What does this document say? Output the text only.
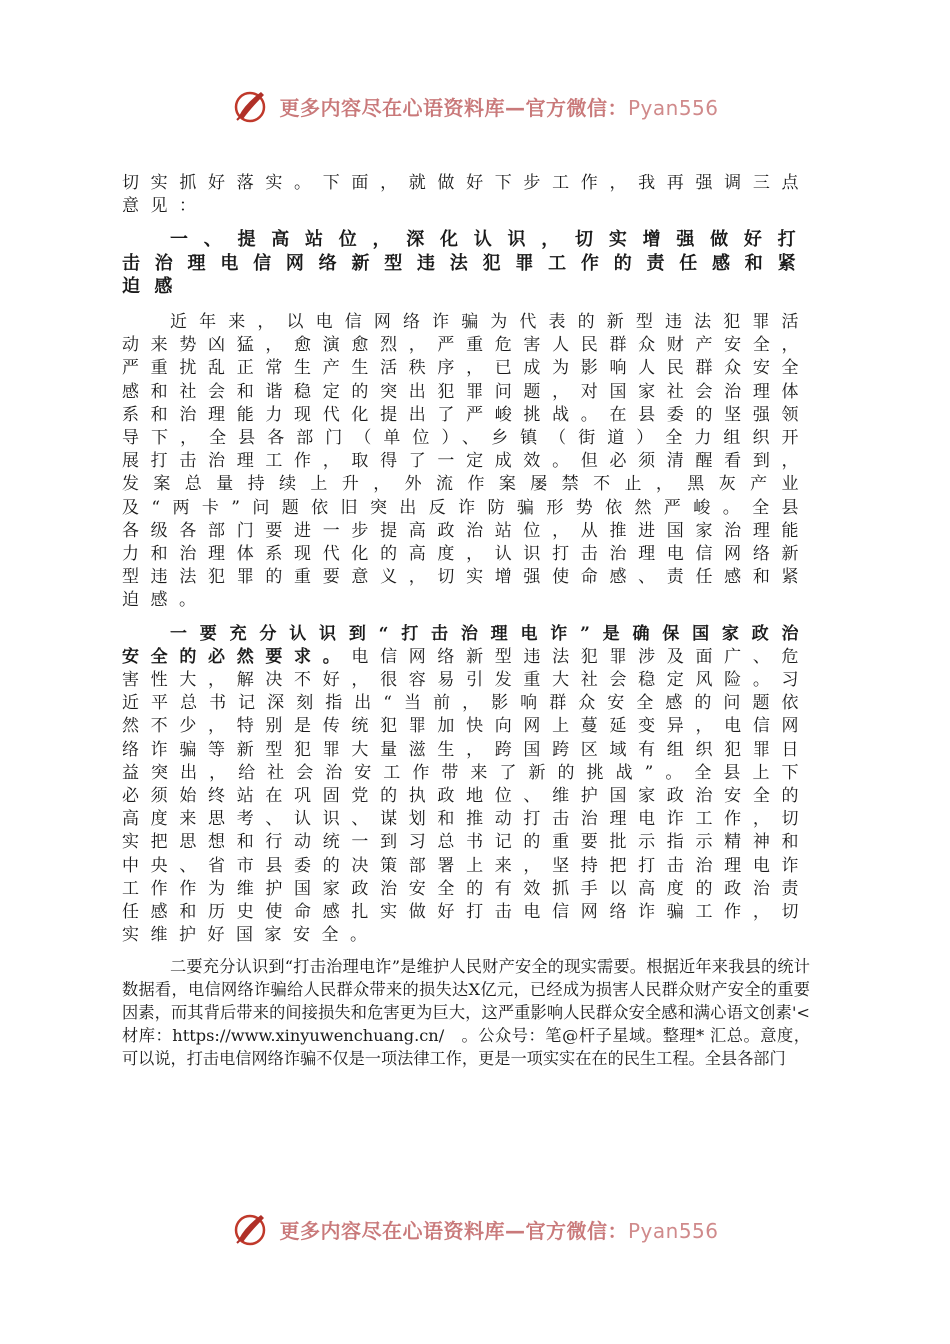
更多内容尽在心语资料库—官方微信：Pyan556

切实抓好落实。下面，就做好下步工作，我再强调三点意见：

一、提高站位，深化认识，切实增强做好打击治理电信网络新型违法犯罪工作的责任感和紧迫感

近年来，以电信网络诈骗为代表的新型违法犯罪活动来势凶猛，愈演愈烈，严重危害人民群众财产安全，严重扰乱正常生产生活秩序，已成为影响人民群众安全感和社会和谐稳定的突出犯罪问题，对国家社会治理体系和治理能力现代化提出了严峻挑战。在县委的坚强领导下，全县各部门（单位）、乡镇（街道）全力组织开展打击治理工作，取得了一定成效。但必须清醒看到，发案总量持续上升，外流作案屡禁不止，黑灰产业及“两卡”问题依旧突出反诈防骗形势依然严峻。全县各级各部门要进一步提高政治站位，从推进国家治理能力和治理体系现代化的高度，认识打击治理电信网络新型违法犯罪的重要意义，切实增强使命感、责任感和紧迫感。

一要充分认识到“打击治理电诈”是确保国家政治安全的必然要求。电信网络新型违法犯罪涉及面广、危害性大，解决不好，很容易引发重大社会稳定风险。习近平总书记深刻指出“当前，影响群众安全感的问题依然不少，特别是传统犯罪加快向网上蔓延变异，电信网络诈骗等新型犯罪大量滋生，跨国跨区域有组织犯罪日益突出，给社会治安工作带来了新的挑战”。全县上下必须始终站在巩固党的执政地位、维护国家政治安全的高度来思考、认识、谋划和推动打击治理电诈工作，切实把思想和行动统一到习总书记的重要批示指示精神和中央、省市县委的决策部署上来，坚持把打击治理电诈工作作为维护国家政治安全的有效抓手以高度的政治责任感和历史使命感扎实做好打击电信网络诈骗工作，切实维护好国家安全。

二要充分认识到“打击治理电诈”是维护人民财产安全的现实需要。根据近年来我县的统计数据看，电信网络诈骗给人民群众带来的损失达X亿元，已经成为损害人民群众财产安全的重要因素，而其背后带来的间接损失和危害更为巨大，这严重影响人民群众安全感和满心语文创素'< 材库：https://www.xinyuwenchuang.cn/　。公众号：笔@杆子星域。整理* 汇总。意度，可以说，打击电信网络诈骗不仅是一项法律工作，更是一项实实在在的民生工程。全县各部门

更多内容尽在心语资料库—官方微信：Pyan556
